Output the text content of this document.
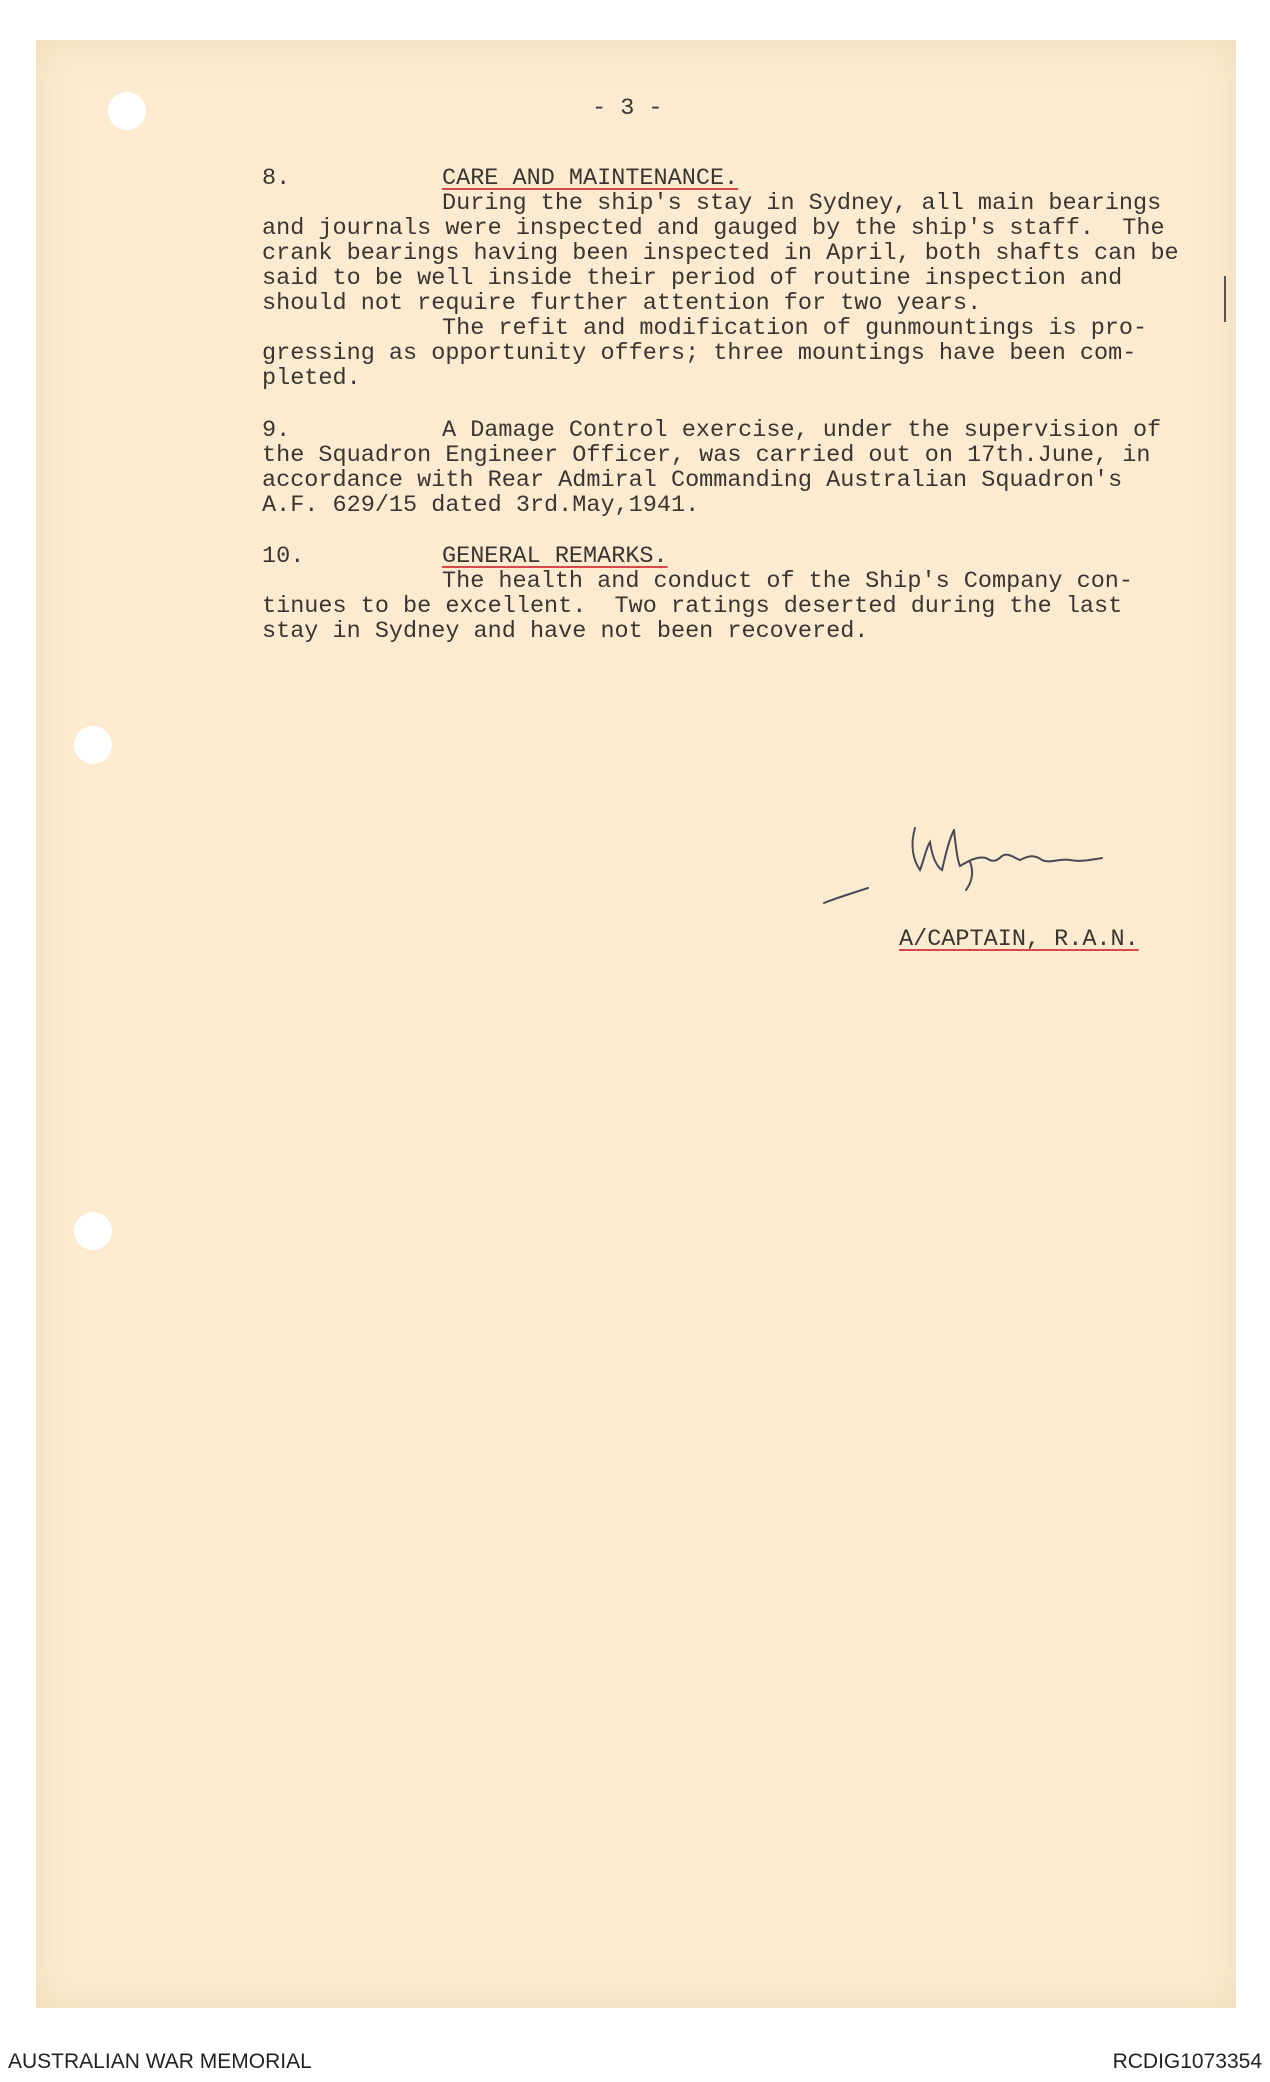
- 3 -

8.

	CARE AND MAINTENANCE.

During the ship's stay in Sydney, all main bearings

and journals were inspected and gauged by the ship's staff.  The

crank bearings having been inspected in April, both shafts can be

said to be well inside their period of routine inspection and

should not require further attention for two years.

The refit and modification of gunmountings is pro-

gressing as opportunity offers; three mountings have been com-

pleted.

9.

	A Damage Control exercise, under the supervision of

the Squadron Engineer Officer, was carried out on 17th.June, in

accordance with Rear Admiral Commanding Australian Squadron's

A.F. 629/15 dated 3rd.May,1941.

10.

	GENERAL REMARKS.

The health and conduct of the Ship's Company con-

tinues to be excellent.  Two ratings deserted during the last

stay in Sydney and have not been recovered.

A/CAPTAIN, R.A.N.
AUSTRALIAN WAR MEMORIAL	RCDIG1073354
